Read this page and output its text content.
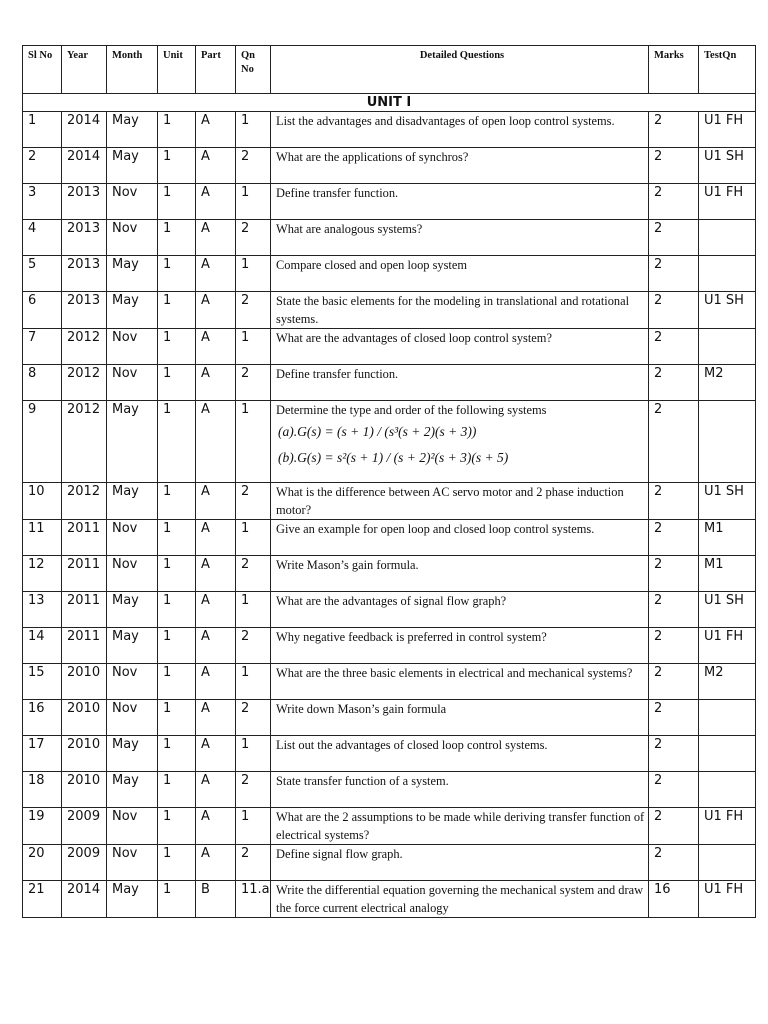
Sl No	Year	Month	Unit	Part	Qn No	Detailed Questions	Marks	TestQn
UNIT I								
1	2014	May	1	A	1	List the advantages and disadvantages of open loop control systems.	2	U1 FH
2	2014	May	1	A	2	What are the applications of synchros?	2	U1 SH
3	2013	Nov	1	A	1	Define transfer function.	2	U1 FH
4	2013	Nov	1	A	2	What are analogous systems?	2	
5	2013	May	1	A	1	Compare closed and open loop system	2	
6	2013	May	1	A	2	State the basic elements for the modeling in translational and rotational systems.	2	U1 SH
7	2012	Nov	1	A	1	What are the advantages of closed loop control system?	2	
8	2012	Nov	1	A	2	Define transfer function.	2	M2
9	2012	May	1	A	1	Determine the type and order of the following systems
(a).G(s) = (s + 1) / (s³(s + 2)(s + 3))
(b).G(s) = s²(s + 1) / (s + 2)²(s + 3)(s + 5)	2	
10	2012	May	1	A	2	What is the difference between AC servo motor and 2 phase induction motor?	2	U1 SH
11	2011	Nov	1	A	1	Give an example for open loop and closed loop control systems.	2	M1
12	2011	Nov	1	A	2	Write Mason’s gain formula.	2	M1
13	2011	May	1	A	1	What are the advantages of signal flow graph?	2	U1 SH
14	2011	May	1	A	2	Why negative feedback is preferred in control system?	2	U1 FH
15	2010	Nov	1	A	1	What are the three basic elements in electrical and mechanical systems?	2	M2
16	2010	Nov	1	A	2	Write down Mason’s gain formula	2	
17	2010	May	1	A	1	List out the advantages of closed loop control systems.	2	
18	2010	May	1	A	2	State transfer function of a system.	2	
19	2009	Nov	1	A	1	What are the 2 assumptions to be made while deriving transfer function of electrical systems?	2	U1 FH
20	2009	Nov	1	A	2	Define signal flow graph.	2	
21	2014	May	1	B	11.a	Write the differential equation governing the mechanical system and draw the force current electrical analogy	16	U1 FH
